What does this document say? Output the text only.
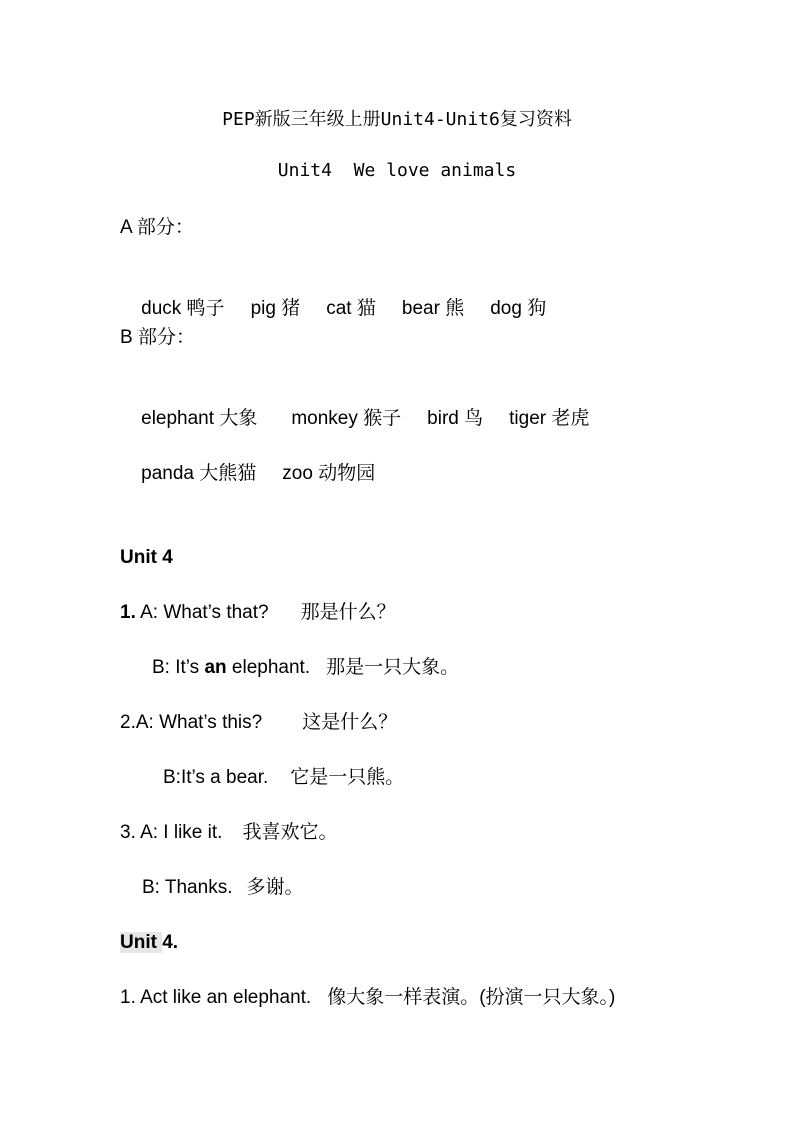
PEP新版三年级上册Unit4-Unit6复习资料
Unit4  We love animals
A 部分：

duck 鸭子 pig 猪 cat 猫 bear 熊 dog 狗

B 部分：

elephant 大象 monkey 猴子 bird 鸟 tiger 老虎

panda 大熊猫 zoo 动物园

Unit 4
1. A: What’s that? 那是什么？
B: It’s an elephant. 那是一只大象。
2.A: What’s this? 这是什么？
B:It’s a bear. 它是一只熊。
3. A: I like it. 我喜欢它。
B: Thanks. 多谢。
Unit 4.
1. Act like an elephant. 像大象一样表演。(扮演一只大象。)
